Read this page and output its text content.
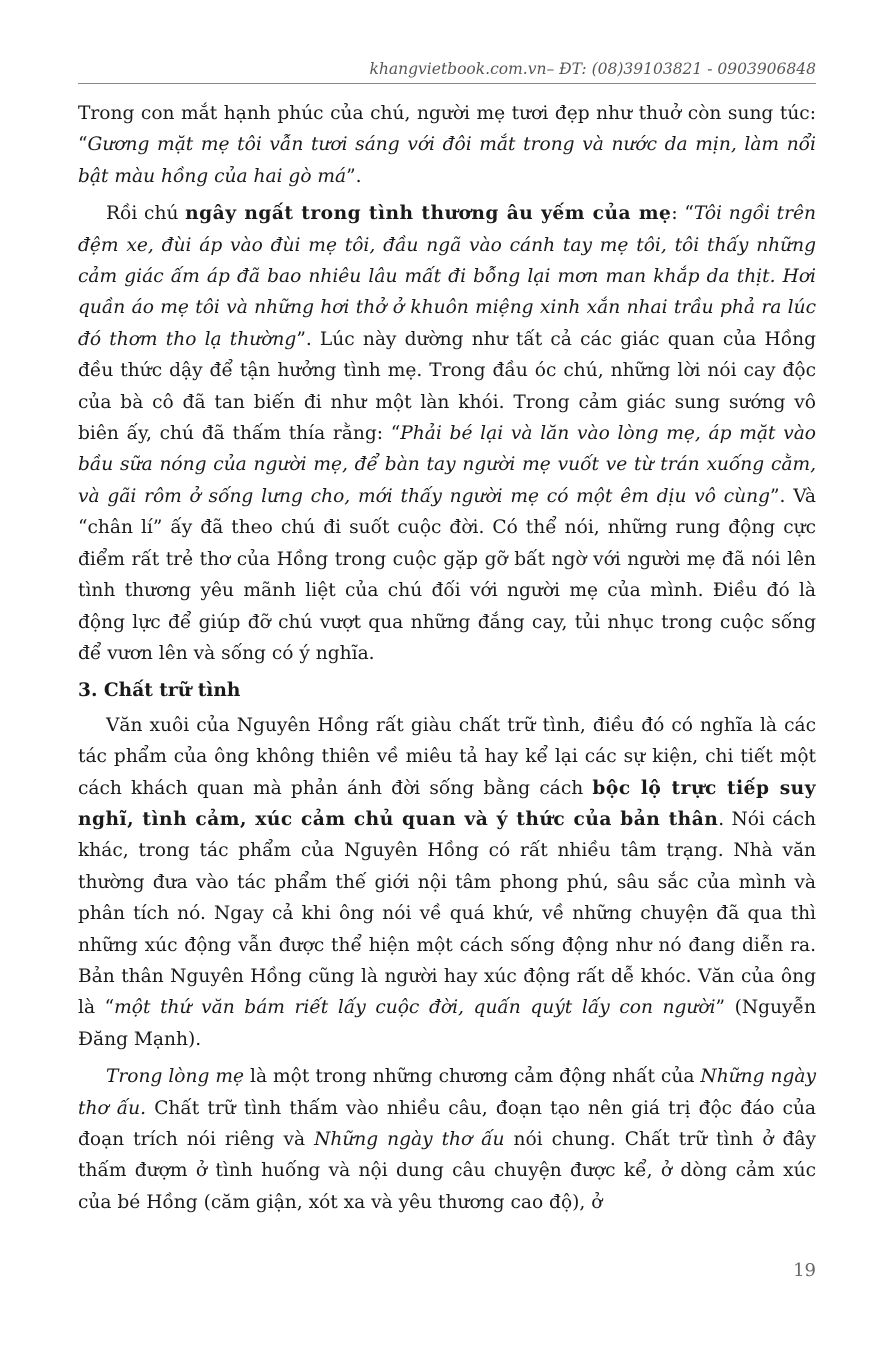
khangvietbook.com.vn– ĐT: (08)39103821 - 0903906848

Trong con mắt hạnh phúc của chú, người mẹ tươi đẹp như thuở còn sung túc: “Gương mặt mẹ tôi vẫn tươi sáng với đôi mắt trong và nước da mịn, làm nổi bật màu hồng của hai gò má”.

Rồi chú ngây ngất trong tình thương âu yếm của mẹ: “Tôi ngồi trên đệm xe, đùi áp vào đùi mẹ tôi, đầu ngã vào cánh tay mẹ tôi, tôi thấy những cảm giác ấm áp đã bao nhiêu lâu mất đi bỗng lại mơn man khắp da thịt. Hơi quần áo mẹ tôi và những hơi thở ở khuôn miệng xinh xắn nhai trầu phả ra lúc đó thơm tho lạ thường”. Lúc này dường như tất cả các giác quan của Hồng đều thức dậy để tận hưởng tình mẹ. Trong đầu óc chú, những lời nói cay độc của bà cô đã tan biến đi như một làn khói. Trong cảm giác sung sướng vô biên ấy, chú đã thấm thía rằng: “Phải bé lại và lăn vào lòng mẹ, áp mặt vào bầu sữa nóng của người mẹ, để bàn tay người mẹ vuốt ve từ trán xuống cằm, và gãi rôm ở sống lưng cho, mới thấy người mẹ có một êm dịu vô cùng”. Và “chân lí” ấy đã theo chú đi suốt cuộc đời. Có thể nói, những rung động cực điểm rất trẻ thơ của Hồng trong cuộc gặp gỡ bất ngờ với người mẹ đã nói lên tình thương yêu mãnh liệt của chú đối với người mẹ của mình. Điều đó là động lực để giúp đỡ chú vượt qua những đắng cay, tủi nhục trong cuộc sống để vươn lên và sống có ý nghĩa.

3. Chất trữ tình

Văn xuôi của Nguyên Hồng rất giàu chất trữ tình, điều đó có nghĩa là các tác phẩm của ông không thiên về miêu tả hay kể lại các sự kiện, chi tiết một cách khách quan mà phản ánh đời sống bằng cách bộc lộ trực tiếp suy nghĩ, tình cảm, xúc cảm chủ quan và ý thức của bản thân. Nói cách khác, trong tác phẩm của Nguyên Hồng có rất nhiều tâm trạng. Nhà văn thường đưa vào tác phẩm thế giới nội tâm phong phú, sâu sắc của mình và phân tích nó. Ngay cả khi ông nói về quá khứ, về những chuyện đã qua thì những xúc động vẫn được thể hiện một cách sống động như nó đang diễn ra. Bản thân Nguyên Hồng cũng là người hay xúc động rất dễ khóc. Văn của ông là “một thứ văn bám riết lấy cuộc đời, quấn quýt lấy con người” (Nguyễn Đăng Mạnh).

Trong lòng mẹ là một trong những chương cảm động nhất của Những ngày thơ ấu. Chất trữ tình thấm vào nhiều câu, đoạn tạo nên giá trị độc đáo của đoạn trích nói riêng và Những ngày thơ ấu nói chung. Chất trữ tình ở đây thấm đượm ở tình huống và nội dung câu chuyện được kể, ở dòng cảm xúc của bé Hồng (căm giận, xót xa và yêu thương cao độ), ở

19
